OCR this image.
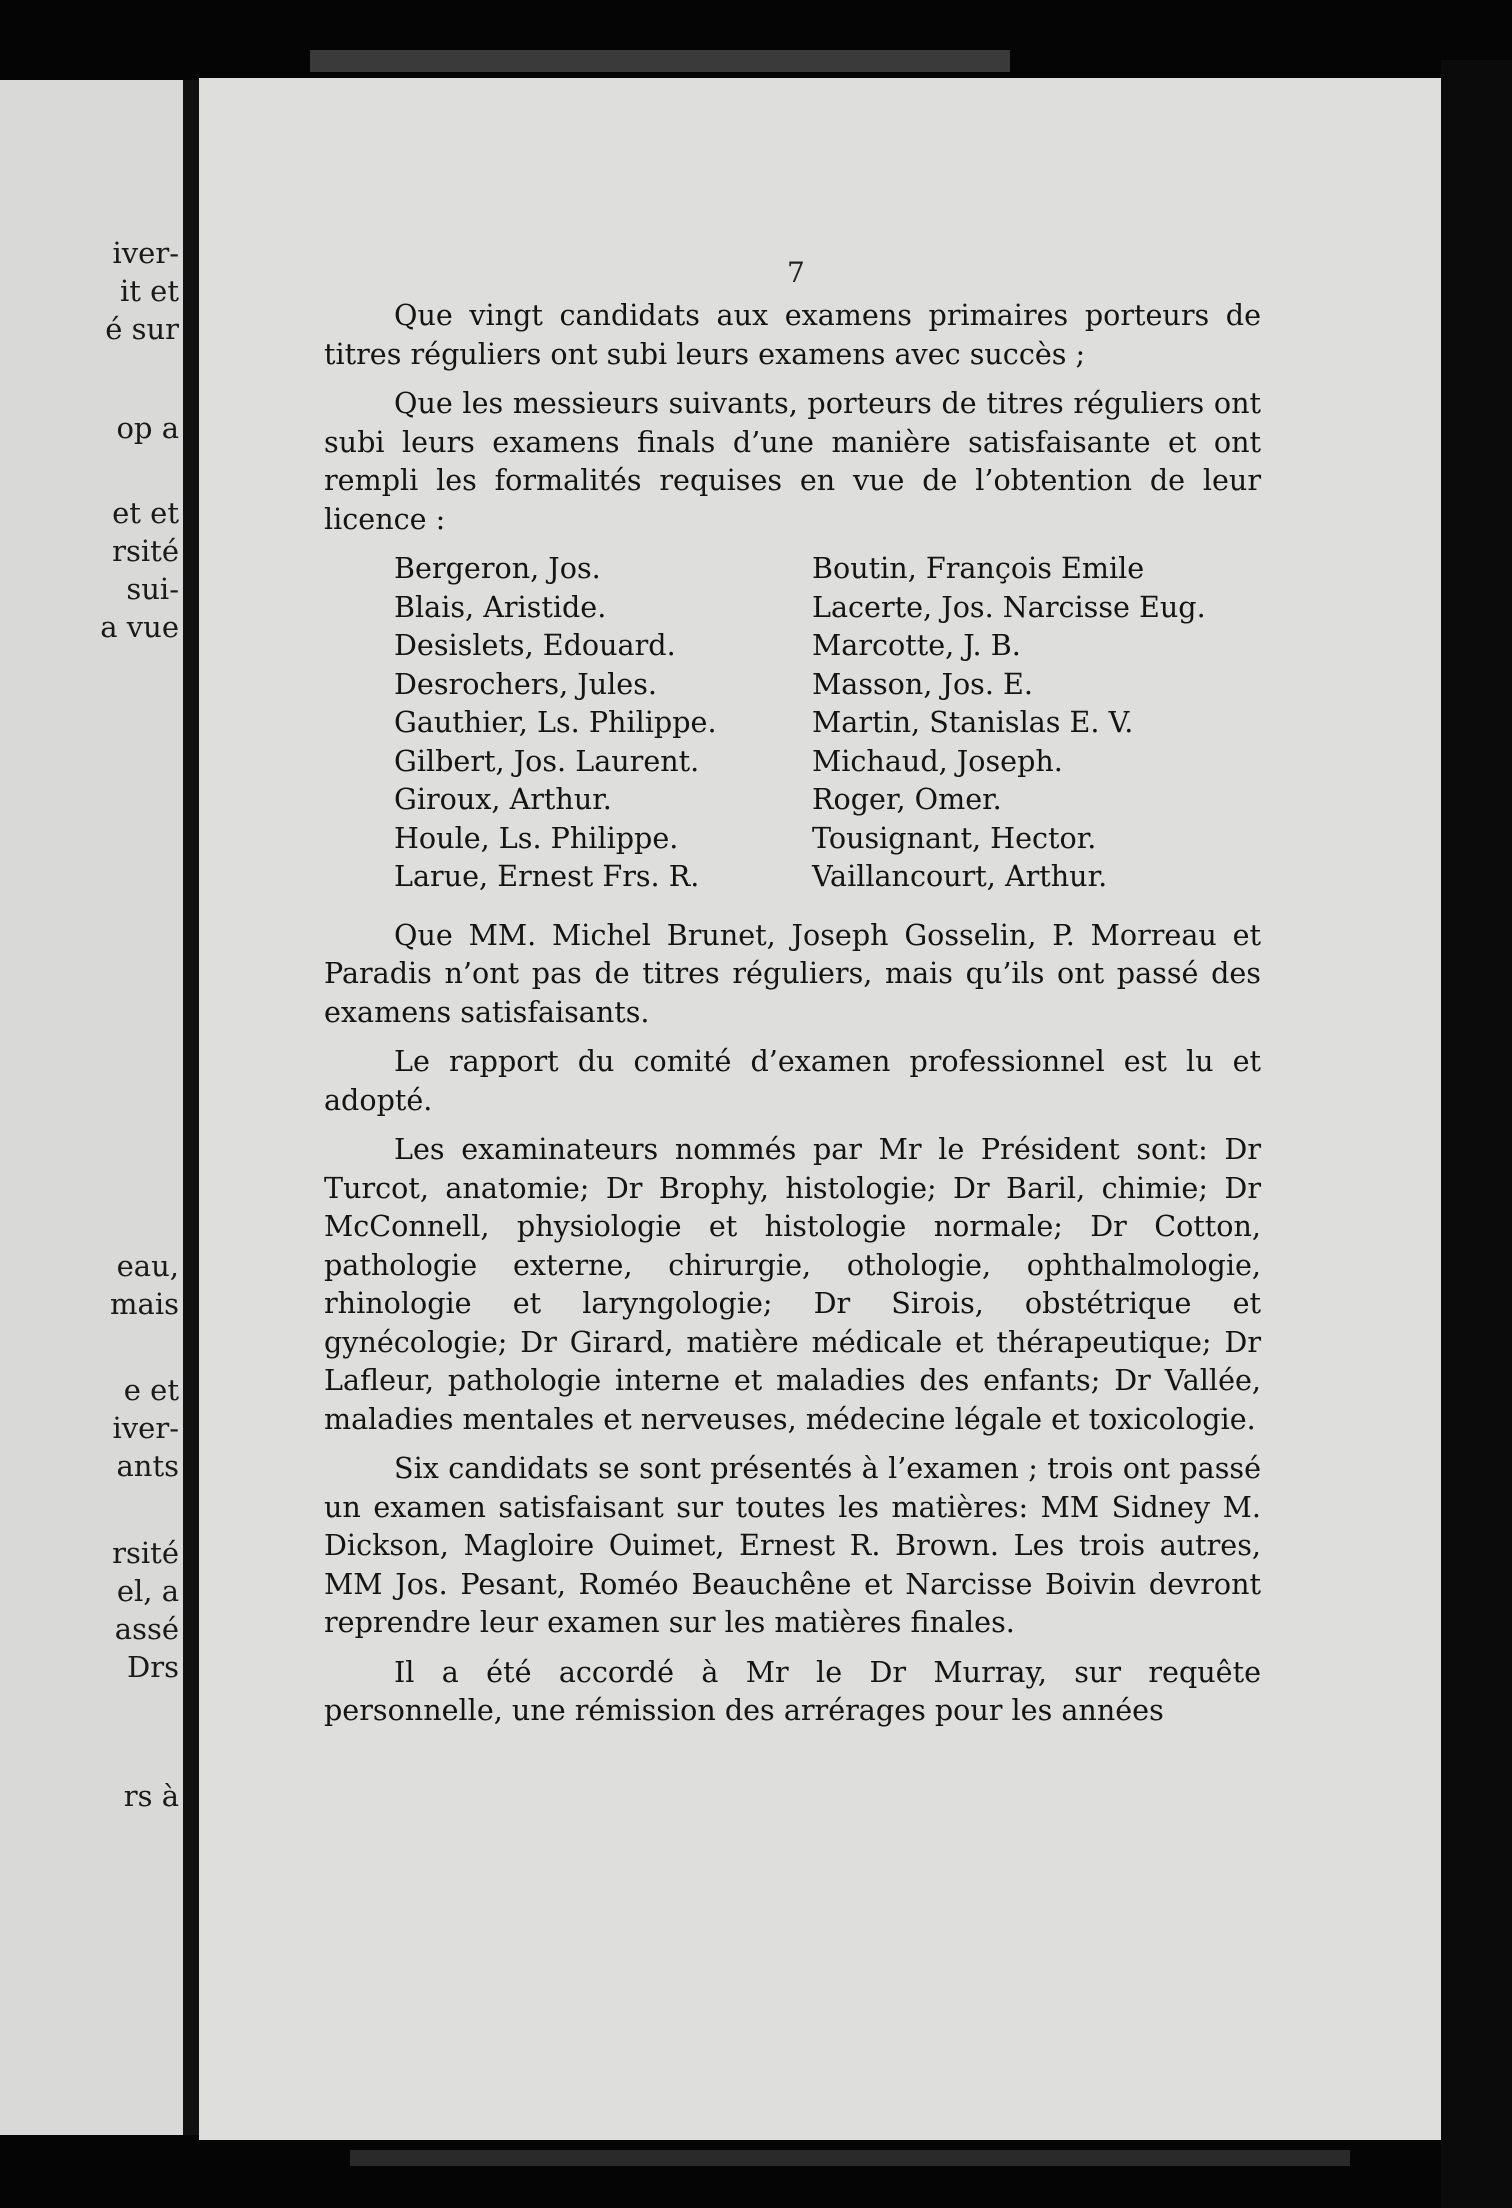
iver-
it et
é sur
op a
et et
rsité
sui-
a vue
eau,
mais
e et
iver-
ants
rsité
el, a
assé
Drs
rs à
7

Que vingt candidats aux examens primaires porteurs de titres réguliers ont subi leurs examens avec succès ;

Que les messieurs suivants, porteurs de titres réguliers ont subi leurs examens finals d’une manière satisfaisante et ont rempli les formalités requises en vue de l’obtention de leur licence :

Bergeron, Jos.	Boutin, François Emile
Blais, Aristide.	Lacerte, Jos. Narcisse Eug.
Desislets, Edouard.	Marcotte, J. B.
Desrochers, Jules.	Masson, Jos. E.
Gauthier, Ls. Philippe.	Martin, Stanislas E. V.
Gilbert, Jos. Laurent.	Michaud, Joseph.
Giroux, Arthur.	Roger, Omer.
Houle, Ls. Philippe.	Tousignant, Hector.
Larue, Ernest Frs. R.	Vaillancourt, Arthur.

Que MM. Michel Brunet, Joseph Gosselin, P. Morreau et Paradis n’ont pas de titres réguliers, mais qu’ils ont passé des examens satisfaisants.

Le rapport du comité d’examen professionnel est lu et adopté.

Les examinateurs nommés par Mr le Président sont: Dr Turcot, anatomie; Dr Brophy, histologie; Dr Baril, chimie; Dr McConnell, physiologie et histologie normale; Dr Cotton, pathologie externe, chirurgie, othologie, ophthalmologie, rhinologie et laryngologie; Dr Sirois, obstétrique et gynécologie; Dr Girard, matière médicale et thérapeutique; Dr Lafleur, pathologie interne et maladies des enfants; Dr Vallée, maladies mentales et nerveuses, médecine légale et toxicologie.

Six candidats se sont présentés à l’examen ; trois ont passé un examen satisfaisant sur toutes les matières: MM Sidney M. Dickson, Magloire Ouimet, Ernest R. Brown. Les trois autres, MM Jos. Pesant, Roméo Beauchêne et Narcisse Boivin devront reprendre leur examen sur les matières finales.

Il a été accordé à Mr le Dr Murray, sur requête personnelle, une rémission des arrérages pour les années
